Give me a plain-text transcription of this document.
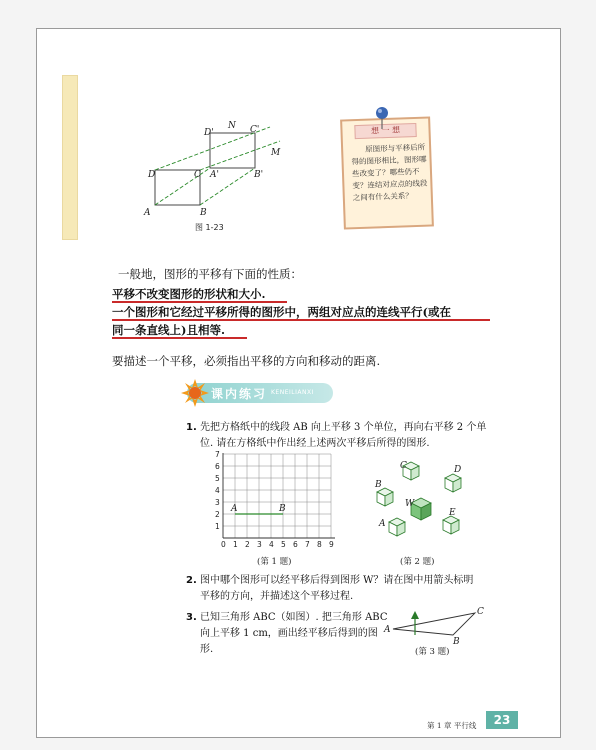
A	B
C
D	A'	B'
C'
D'
M
N
图 1-23
想 一 想
原图形与平移后所得的图形相比，图形哪些改变了？哪些仍不变？连结对应点的线段之间有什么关系？
一般地，图形的平移有下面的性质：
平移不改变图形的形状和大小.
一个图形和它经过平移所得的图形中，两组对应点的连线平行(或在
同一条直线上)且相等.
要描述一个平移，必须指出平移的方向和移动的距离.
课内练习 KENEILIANXI
1. 先把方格纸中的线段 AB 向上平移 3 个单位，再向右平移 2 个单
位. 请在方格纸中作出经上述两次平移后所得的图形.
0 1 2 3 4 5 6 7 8 9
1
2
3
4
5
6
7
A	B
(第 1 题)
C	D
B
W
E
A
(第 2 题)
2. 图中哪个图形可以经平移后得到图形 W？请在图中用箭头标明
平移的方向，并描述这个平移过程.
3. 已知三角形 ABC（如图）. 把三角形 ABC
向上平移 1 cm，画出经平移后得到的图
形.
A
B
C
(第 3 题)
第 1 章 平行线	23
